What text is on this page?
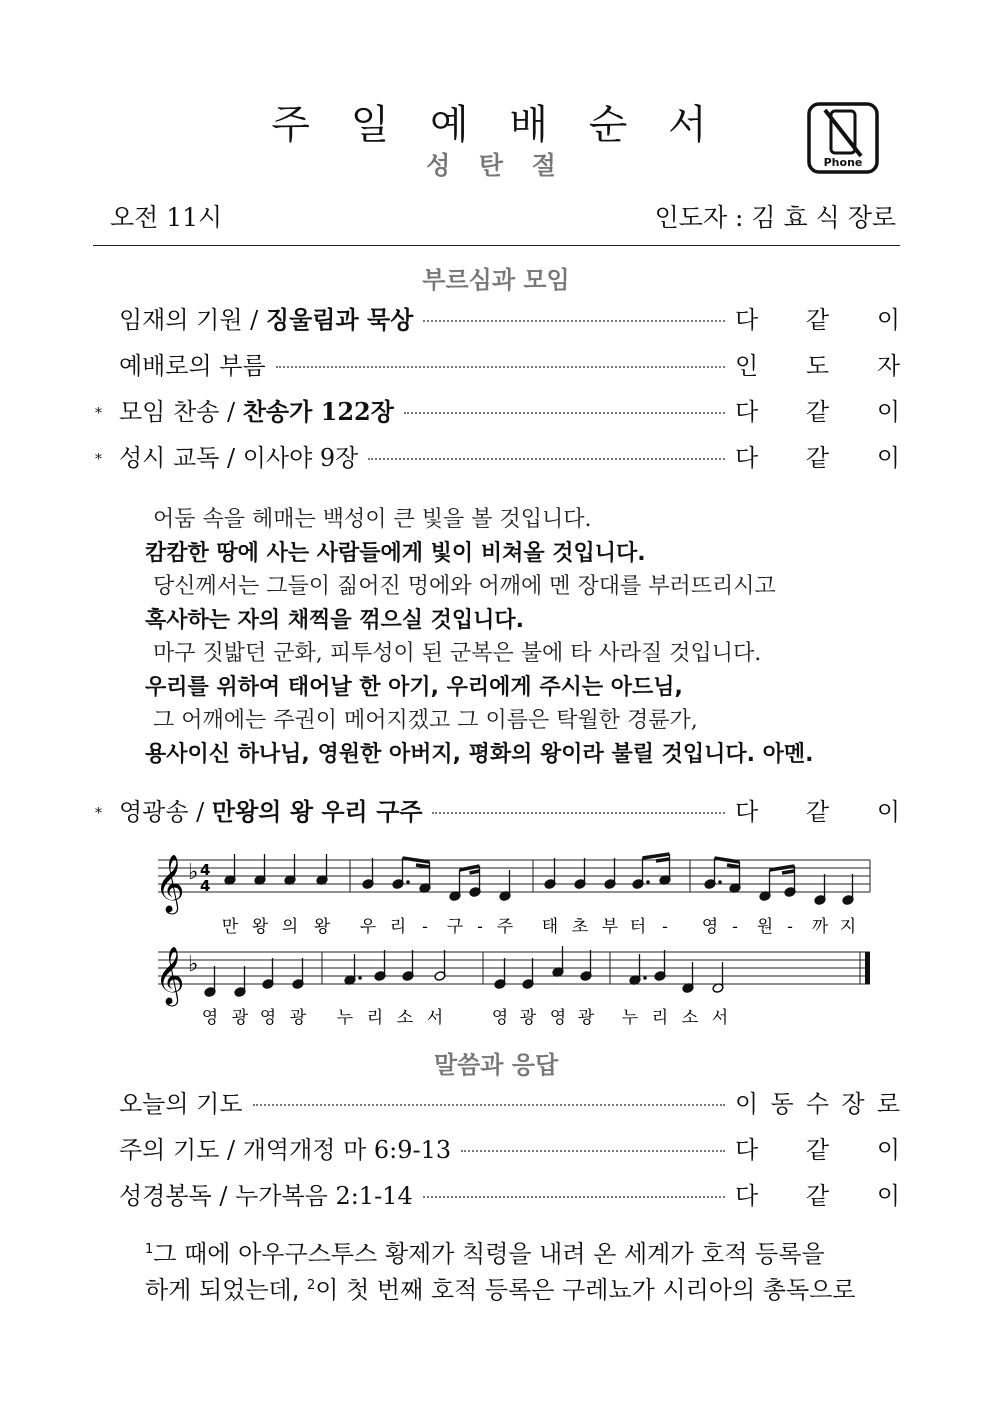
주 일 예 배 순 서
성 탄 절	Phone
오전 11시	인도자 : 김 효 식 장로
부르심과 모임
임재의 기원 / 징울림과 묵상	다 같 이
예배로의 부름	인 도 자
⁎ 모임 찬송 / 찬송가 122장	다 같 이
⁎ 성시 교독 / 이사야 9장	다 같 이
어둠 속을 헤매는 백성이 큰 빛을 볼 것입니다.
캄캄한 땅에 사는 사람들에게 빛이 비쳐올 것입니다.
당신께서는 그들이 짊어진 멍에와 어깨에 멘 장대를 부러뜨리시고
혹사하는 자의 채찍을 꺾으실 것입니다.
마구 짓밟던 군화, 피투성이 된 군복은 불에 타 사라질 것입니다.
우리를 위하여 태어날 한 아기, 우리에게 주시는 아드님,
그 어깨에는 주권이 메어지겠고 그 이름은 탁월한 경륜가,
용사이신 하나님, 영원한 아버지, 평화의 왕이라 불릴 것입니다. 아멘.
⁎ 영광송 / 만왕의 왕 우리 구주	다 같 이
𝄞 ♭ 4
4
만 왕 의 왕 우 리 - 구 - 주 태 초 부 터 - 영 - 원 - 까 지
𝄞 ♭
영 광 영 광 누 리 소 서	영 광 영 광 누 리 소 서
말씀과 응답
오늘의 기도	이 동 수 장 로
주의 기도 / 개역개정 마 6:9-13	다 같 이
성경봉독 / 누가복음 2:1-14	다 같 이
$^1$그 때에 아우구스투스 황제가 칙령을 내려 온 세계가 호적 등록을
하게 되었는데, $^2$이 첫 번째 호적 등록은 구레뇨가 시리아의 총독으로
